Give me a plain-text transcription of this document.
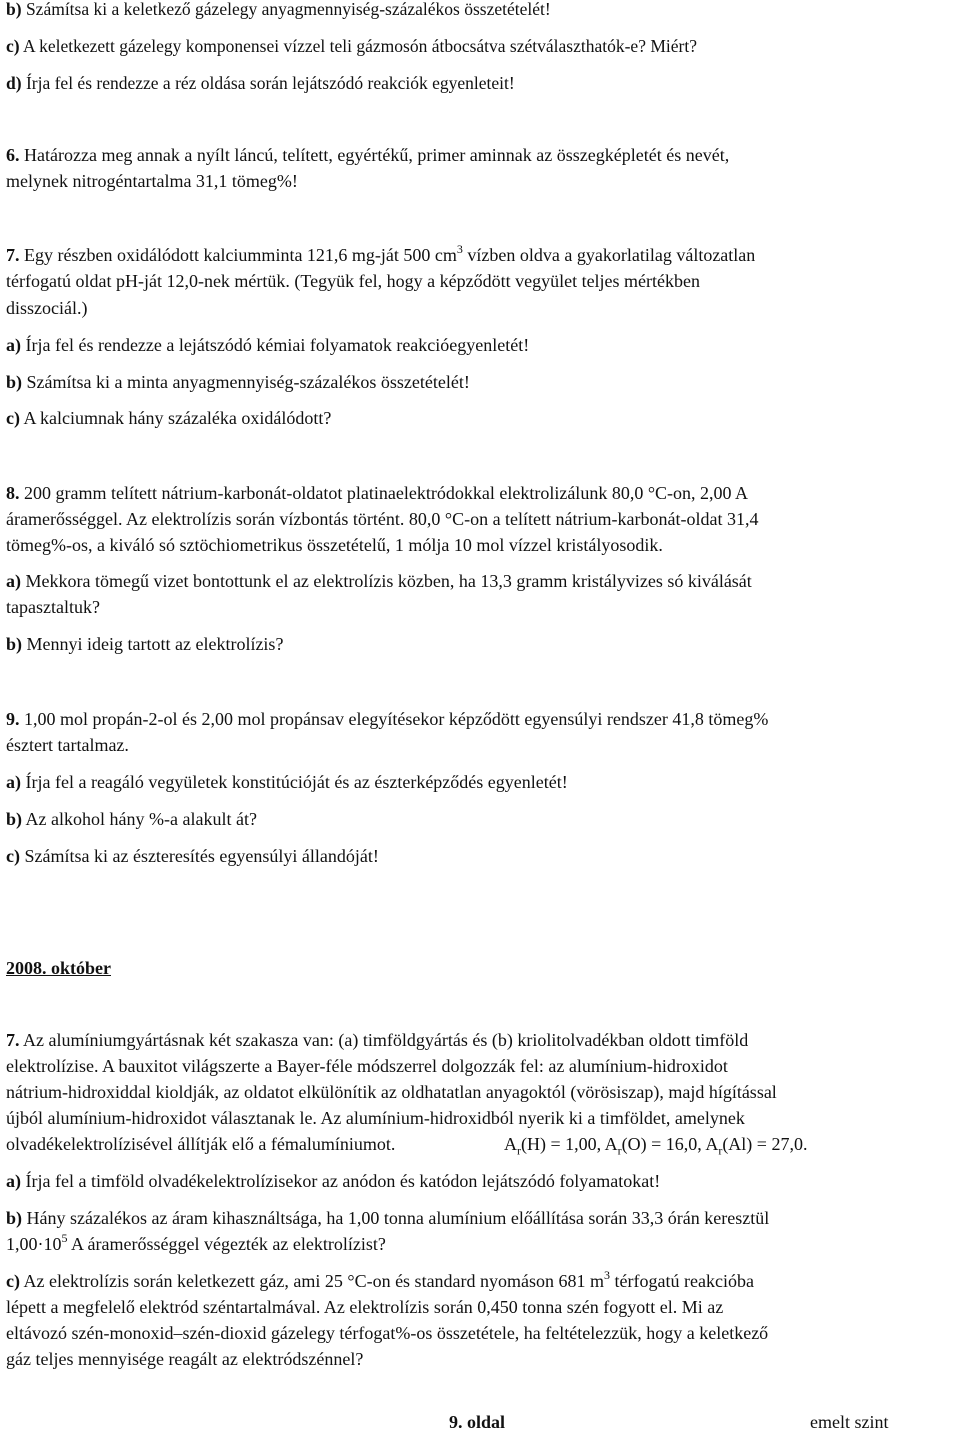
b) Számítsa ki a keletkező gázelegy anyagmennyiség-százalékos összetételét!
c) A keletkezett gázelegy komponensei vízzel teli gázmosón átbocsátva szétválaszthatók-e? Miért?
d) Írja fel és rendezze a réz oldása során lejátszódó reakciók egyenleteit!
6. Határozza meg annak a nyílt láncú, telített, egyértékű, primer aminnak az összegképletét és nevét,
melynek nitrogéntartalma 31,1 tömeg%!
7. Egy részben oxidálódott kalciumminta 121,6 mg-ját 500 $cm^3$ vízben oldva a gyakorlatilag változatlan
térfogatú oldat pH-ját 12,0-nek mértük. (Tegyük fel, hogy a képződött vegyület teljes mértékben
disszociál.)
a) Írja fel és rendezze a lejátszódó kémiai folyamatok reakcióegyenletét!
b) Számítsa ki a minta anyagmennyiség-százalékos összetételét!
c) A kalciumnak hány százaléka oxidálódott?
8. 200 gramm telített nátrium-karbonát-oldatot platinaelektródokkal elektrolizálunk 80,0 °C-on, 2,00 A
áramerősséggel. Az elektrolízis során vízbontás történt. 80,0 °C-on a telített nátrium-karbonát-oldat 31,4
tömeg%-os, a kiváló só sztöchiometrikus összetételű, 1 mólja 10 mol vízzel kristályosodik.
a) Mekkora tömegű vizet bontottunk el az elektrolízis közben, ha 13,3 gramm kristályvizes só kiválását
tapasztaltuk?
b) Mennyi ideig tartott az elektrolízis?
9. 1,00 mol propán-2-ol és 2,00 mol propánsav elegyítésekor képződött egyensúlyi rendszer 41,8 tömeg%
észtert tartalmaz.
a) Írja fel a reagáló vegyületek konstitúcióját és az észterképződés egyenletét!
b) Az alkohol hány %-a alakult át?
c) Számítsa ki az észteresítés egyensúlyi állandóját!
2008. október
7. Az alumíniumgyártásnak két szakasza van: (a) timföldgyártás és (b) kriolitolvadékban oldott timföld
elektrolízise. A bauxitot világszerte a Bayer-féle módszerrel dolgozzák fel: az alumínium-hidroxidot
nátrium-hidroxiddal kioldják, az oldatot elkülönítik az oldhatatlan anyagoktól (vörösiszap), majd hígítással
újból alumínium-hidroxidot választanak le. Az alumínium-hidroxidból nyerik ki a timföldet, amelynek
olvadékelektrolízisével állítják elő a fémalumíniumot.	$A_r(H) = 1,00$, $A_r(O) = 16,0$, $A_r(Al) = 27,0$.
a) Írja fel a timföld olvadékelektrolízisekor az anódon és katódon lejátszódó folyamatokat!
b) Hány százalékos az áram kihasználtsága, ha 1,00 tonna alumínium előállítása során 33,3 órán keresztül
$1,00\cdot 10^5$ A áramerősséggel végezték az elektrolízist?
c) Az elektrolízis során keletkezett gáz, ami 25 °C-on és standard nyomáson 681 $m^3$ térfogatú reakcióba
lépett a megfelelő elektród széntartalmával. Az elektrolízis során 0,450 tonna szén fogyott el. Mi az
eltávozó szén-monoxid–szén-dioxid gázelegy térfogat%-os összetétele, ha feltételezzük, hogy a keletkező
gáz teljes mennyisége reagált az elektródszénnel?
9. oldal	emelt szint
